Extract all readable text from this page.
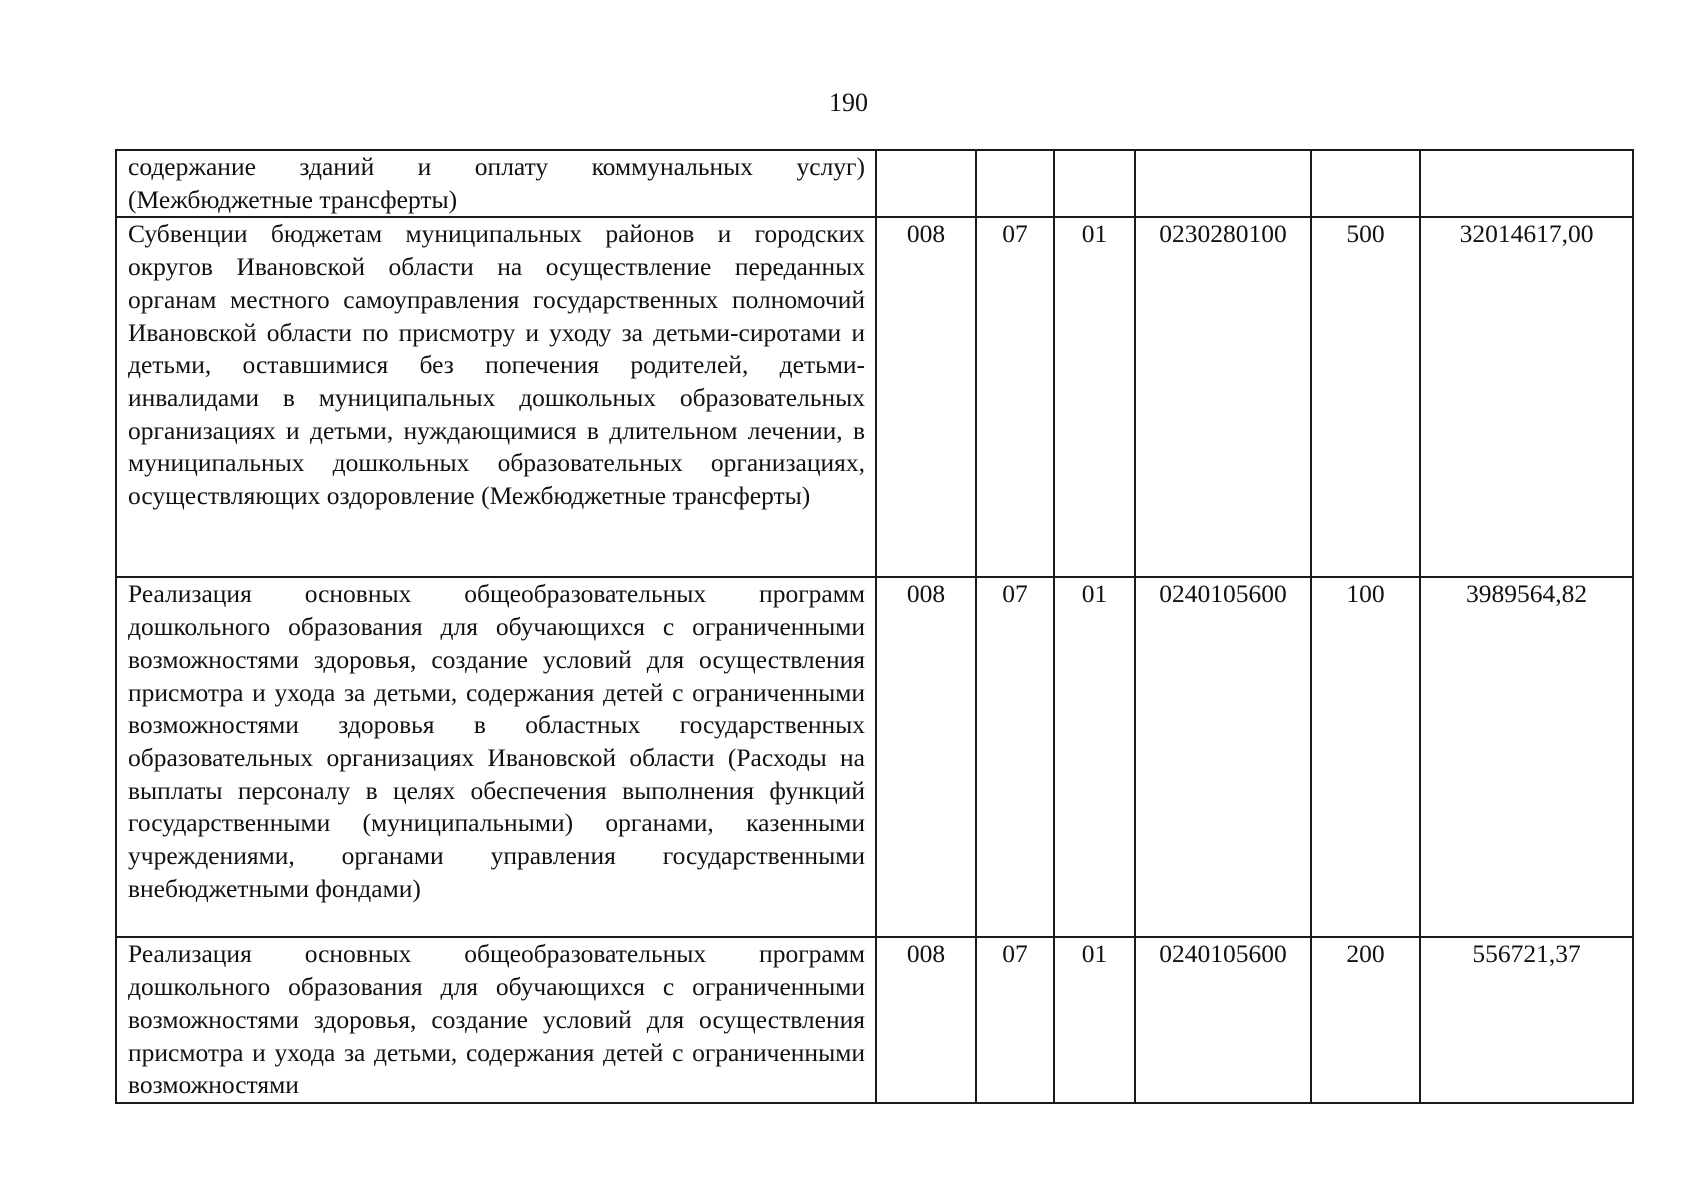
190
содержание зданий и оплату коммунальных услуг) (Межбюджетные трансферты)						

Субвенции бюджетам муниципальных районов и городских округов Ивановской области на осуществление переданных органам местного самоуправления государственных полномочий Ивановской области по присмотру и уходу за детьми-сиротами и детьми, оставшимися без попечения родителей, детьми-инвалидами в муниципальных дошкольных образовательных организациях и детьми, нуждающимися в длительном лечении, в муниципальных дошкольных образовательных организациях, осуществляющих оздоровление (Межбюджетные трансферты)	008	07	01	0230280100	500	32014617,00

Реализация основных общеобразовательных программ дошкольного образования для обучающихся с ограниченными возможностями здоровья, создание условий для осуществления присмотра и ухода за детьми, содержания детей с ограниченными возможностями здоровья в областных государственных образовательных организациях Ивановской области (Расходы на выплаты персоналу в целях обеспечения выполнения функций государственными (муниципальными) органами, казенными учреждениями, органами управления государственными внебюджетными фондами)	008	07	01	0240105600	100	3989564,82

Реализация основных общеобразовательных программ дошкольного образования для обучающихся с ограниченными возможностями здоровья, создание условий для осуществления присмотра и ухода за детьми, содержания детей с ограниченными возможностями	008	07	01	0240105600	200	556721,37
